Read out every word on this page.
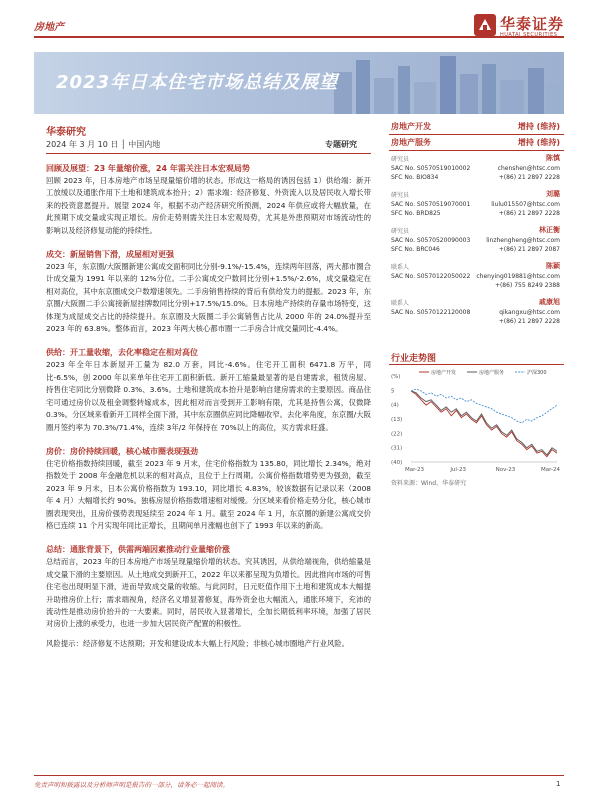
房地产	华泰证券
HUATAI SECURITIES
2023年日本住宅市场总结及展望
华泰研究
2024 年 3 月 10 日 │ 中国内地	专题研究
回顾及展望：23 年量缩价涨，24 年需关注日本宏观局势
回顾 2023 年，日本房地产市场呈现量缩价增的状态。形成这一格局的诱因包括 1）供给端：新开工放缓以及通胀作用下土地和建筑成本抬升；2）需求端：经济修复、外资流入以及居民收入增长带来的投资意愿提升。展望 2024 年，根据不动产经济研究所预测，2024 年供应或将大幅放量，在此预期下成交量或实现正增长。房价走势则需关注日本宏观局势，尤其是外患预期对市场流动性的影响以及经济修复动能的持续性。
成交：新屋销售下滑，成屋相对更强
2023 年，东京圈/大阪圈新建公寓成交面积同比分别-9.1%/-15.4%，连续两年回落，两大都市圈合计成交量为 1991 年以来的 12%分位。二手公寓成交户数同比分别+1.5%/-2.6%，成交量稳定在相对高位，其中东京圈成交户数增速领先。二手房销售持续的背后有供给发力的提振。2023 年，东京圈/大阪圈二手公寓接新屋挂牌数同比分别+17.5%/15.0%。日本房地产持续的存量市场特变，这体现为成屋成交占比的持续提升。东京圈及大阪圈二手公寓销售占比从 2000 年的 24.0%提升至 2023 年的 63.8%。整体而言，2023 年两大核心都市圈一二手房合计成交量同比-4.4%。
供给：开工量收缩，去化率稳定在相对高位
2023 年全年日本新屋开工量为 82.0 万套，同比-4.6%。住宅开工面积 6471.8 万平，同比-6.5%，创 2000 年以来单年住宅开工面积新低。新开工缩量最显著的是自建需求，租赁房屋、持售住宅同比分别微降 0.3%、3.6%。土地和建筑成本抬升是影响自建房需求的主要原因。商品住宅可通过房价以及租金调整转嫁成本，因此相对而言受到开工影响有限，尤其是持售公寓，仅微降 0.3%。分区域来看新开工同样全面下滑，其中东京圈供应同比降幅收窄。去化率角度，东京圈/大阪圈月签约率为 70.3%/71.4%，连续 3年/2 年保持在 70%以上的高位，买方需求旺盛。
房价：房价持续回暖，核心城市圈表现强劲
住宅价格指数持续回暖，截至 2023 年 9 月末，住宅价格指数为 135.80，同比增长 2.34%，绝对指数处于 2008 年金融危机以来的相对高点，且位于上行周期。公寓价格指数增势更为强劲，截至 2023 年 9 月末，日本公寓价格指数为 193.10，同比增长 4.83%，较该数据有记录以来（2008 年 4 月）大幅增长约 90%。独栋房屋价格指数增速相对缓慢。分区域来看价格走势分化，核心城市圈表现突出，且房价强势表现延续至 2024 年 1 月。截至 2024 年 1 月，东京圈的新建公寓成交价格已连续 11 个月实现年同比正增长，且期间单月涨幅也创下了 1993 年以来的新高。
总结：通胀背景下，供需两端因素推动行业量缩价涨
总结而言，2023 年的日本房地产市场呈现量缩价增的状态。究其诱因，从供给端视角，供给缩量是成交量下滑的主要原因。从土地成交到新开工，2022 年以来都呈现为负增长。因此推向市场的可售住宅也出现明显下滑，进而导致成交量的收缩。与此同时，日元贬值作用下土地和建筑成本大幅提升助推房价上行；需求端视角，经济名义增显著修复，海外资金也大幅流入，通胀环境下，充沛的流动性是推动房价抬升的一大要素。同时，居民收入显著增长，全加长期低利率环境，加强了居民对房价上涨的承受力，也进一步加大居民资产配置的积极性。
风险提示：经济修复不达预期；开发和建设成本大幅上行风险；非核心城市圈地产行业风险。
房地产开发	增持 (维持)
房地产服务	增持 (维持)
研究员	陈慎
SAC No. S0570519010002	chenshen@htsc.com
SFC No. BIO834	+(86) 21 2897 2228
研究员	刘璐
SAC No. S0570519070001	liulu015507@htsc.com
SFC No. BRD825	+(86) 21 2897 2228
研究员	林正衡
SAC No. S0570520090003	linzhengheng@htsc.com
SFC No. BRC046	+(86) 21 2897 2087
联系人	陈颖
SAC No. S0570122050022 chenying019881@htsc.com
+(86) 755 8249 2388
联系人	戚康旭
SAC No. S0570122120008	qikangxu@htsc.com
+(86) 21 2897 2228
行业走势图
(%)
5
(4)
(13)
(22)
(31)
(40)
Mar-23	Jul-23	Nov-23	Mar-24
房地产开发	房地产服务	沪深300
资料来源：Wind，华泰研究
免责声明和披露以及分析师声明是报告的一部分，请务必一起阅读。	1
